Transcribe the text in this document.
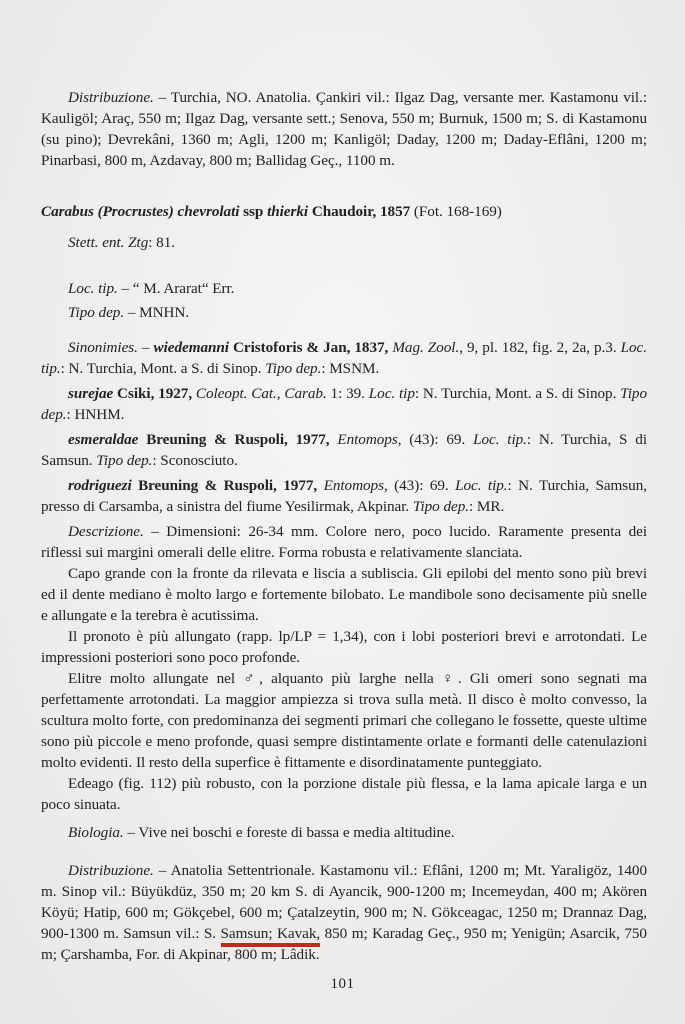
Distribuzione. – Turchia, NO. Anatolia. Çankiri vil.: Ilgaz Dag, versante mer. Kastamonu vil.: Kauligöl; Araç, 550 m; Ilgaz Dag, versante sett.; Senova, 550 m; Burnuk, 1500 m; S. di Kastamonu (su pino); Devrekâni, 1360 m; Agli, 1200 m; Kanligöl; Daday, 1200 m; Daday-Eflâni, 1200 m; Pinarbasi, 800 m, Azdavay, 800 m; Ballidag Geç., 1100 m.

Carabus (Procrustes) chevrolati ssp thierki Chaudoir, 1857 (Fot. 168-169)

Stett. ent. Ztg: 81.

Loc. tip. – “ M. Ararat“ Err.

Tipo dep. – MNHN.

Sinonimies. – wiedemanni Cristoforis & Jan, 1837, Mag. Zool., 9, pl. 182, fig. 2, 2a, p.3. Loc. tip.: N. Turchia, Mont. a S. di Sinop. Tipo dep.: MSNM.

surejae Csiki, 1927, Coleopt. Cat., Carab. 1: 39. Loc. tip: N. Turchia, Mont. a S. di Sinop. Tipo dep.: HNHM.

esmeraldae Breuning & Ruspoli, 1977, Entomops, (43): 69. Loc. tip.: N. Turchia, S di Samsun. Tipo dep.: Sconosciuto.

rodriguezi Breuning & Ruspoli, 1977, Entomops, (43): 69. Loc. tip.: N. Turchia, Samsun, presso di Carsamba, a sinistra del fiume Yesilirmak, Akpinar. Tipo dep.: MR.

Descrizione. – Dimensioni: 26-34 mm. Colore nero, poco lucido. Raramente presenta dei riflessi sui margini omerali delle elitre. Forma robusta e relativamente slanciata.

Capo grande con la fronte da rilevata e liscia a subliscia. Gli epilobi del mento sono più brevi ed il dente mediano è molto largo e fortemente bilobato. Le mandibole sono decisamente più snelle e allungate e la terebra è acutissima.

Il pronoto è più allungato (rapp. lp/LP = 1,34), con i lobi posteriori brevi e arrotondati. Le impressioni posteriori sono poco profonde.

Elitre molto allungate nel ♂, alquanto più larghe nella ♀. Gli omeri sono segnati ma perfettamente arrotondati. La maggior ampiezza si trova sulla metà. Il disco è molto convesso, la scultura molto forte, con predominanza dei segmenti primari che collegano le fossette, queste ultime sono più piccole e meno profonde, quasi sempre distintamente orlate e formanti delle catenulazioni molto evidenti. Il resto della superfice è fittamente e disordinatamente punteggiato.

Edeago (fig. 112) più robusto, con la porzione distale più flessa, e la lama apicale larga e un poco sinuata.

Biologia. – Vive nei boschi e foreste di bassa e media altitudine.

Distribuzione. – Anatolia Settentrionale. Kastamonu vil.: Eflâni, 1200 m; Mt. Yaraligöz, 1400 m. Sinop vil.: Büyükdüz, 350 m; 20 km S. di Ayancik, 900-1200 m; Incemeydan, 400 m; Akören Köyü; Hatip, 600 m; Gökçebel, 600 m; Çatalzeytin, 900 m; N. Gökceagac, 1250 m; Drannaz Dag, 900-1300 m. Samsun vil.: S. Samsun; Kavak, 850 m; Karadag Geç., 950 m; Yenigün; Asarcik, 750 m; Çarshamba, For. di Akpinar, 800 m; Lâdik.

101
